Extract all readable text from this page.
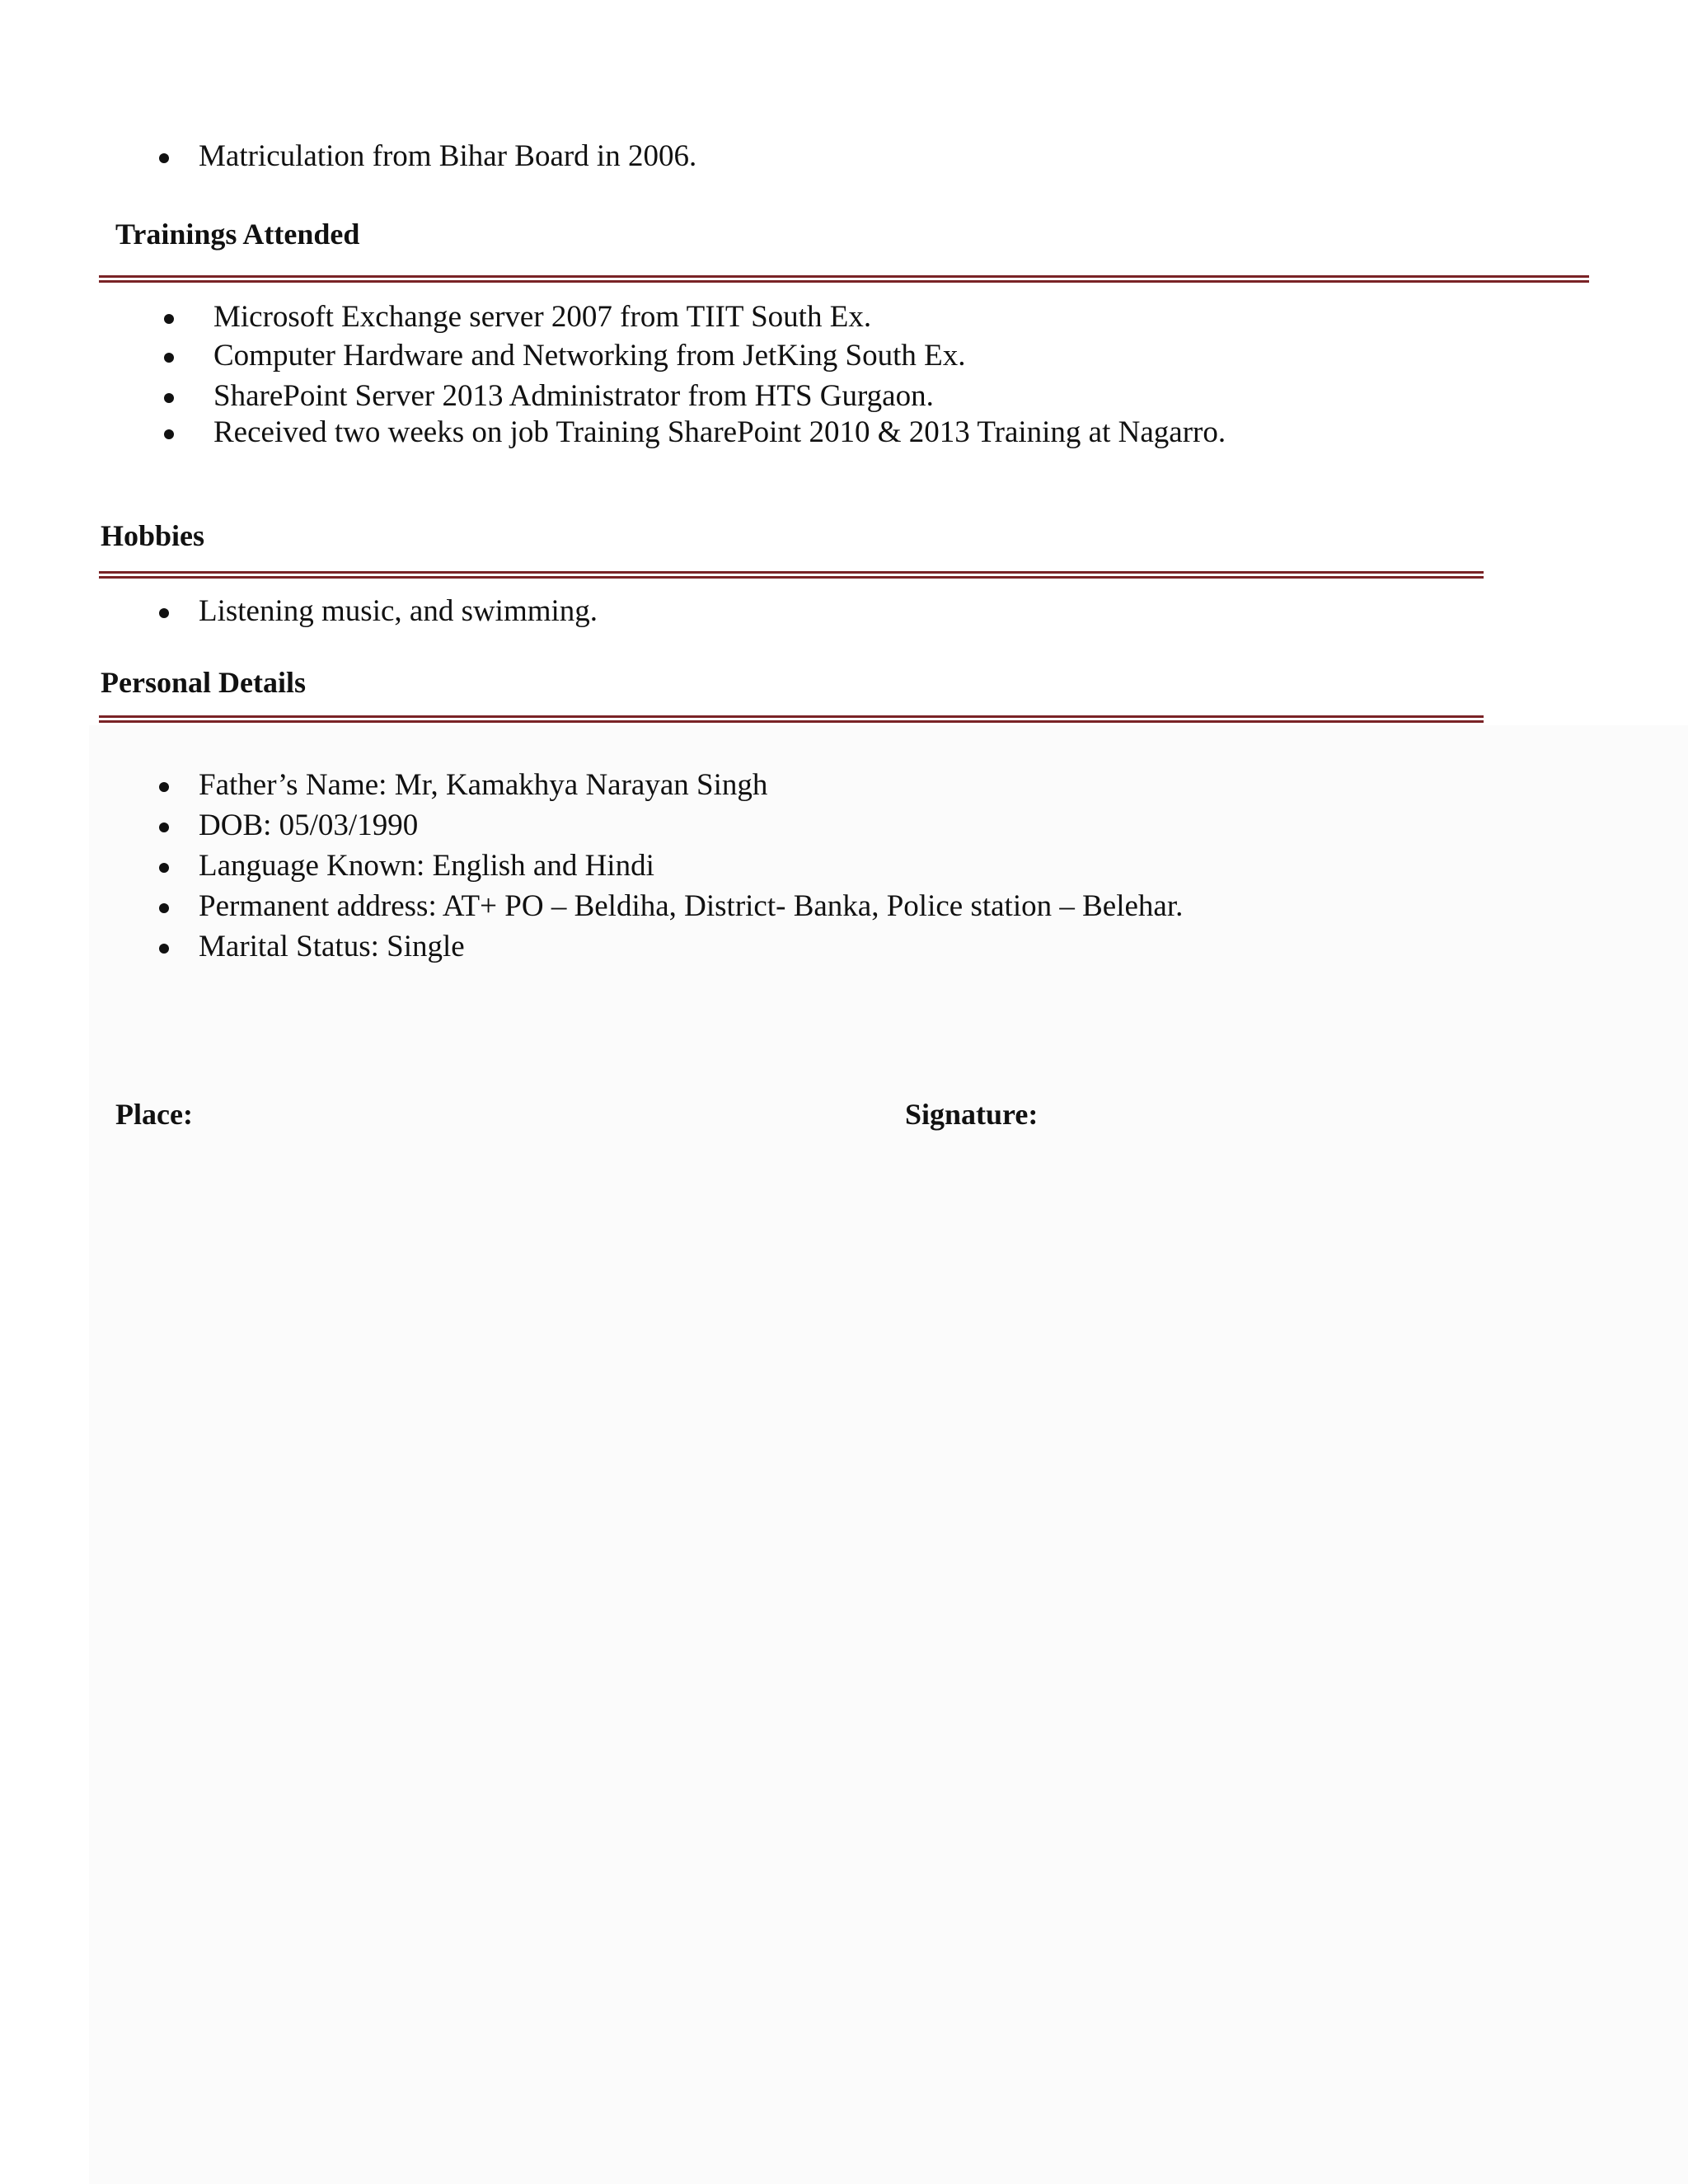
Matriculation from Bihar Board in 2006.
Trainings Attended
Microsoft Exchange server 2007 from TIIT South Ex.
Computer Hardware and Networking from JetKing South Ex.
SharePoint Server 2013 Administrator from HTS Gurgaon.
Received two weeks on job Training SharePoint 2010 & 2013 Training at Nagarro.
Hobbies
Listening music, and swimming.
Personal Details
Father’s Name: Mr, Kamakhya Narayan Singh
DOB: 05/03/1990
Language Known: English and Hindi
Permanent address: AT+ PO – Beldiha, District- Banka, Police station – Belehar.
Marital Status: Single
Place:	Signature:
